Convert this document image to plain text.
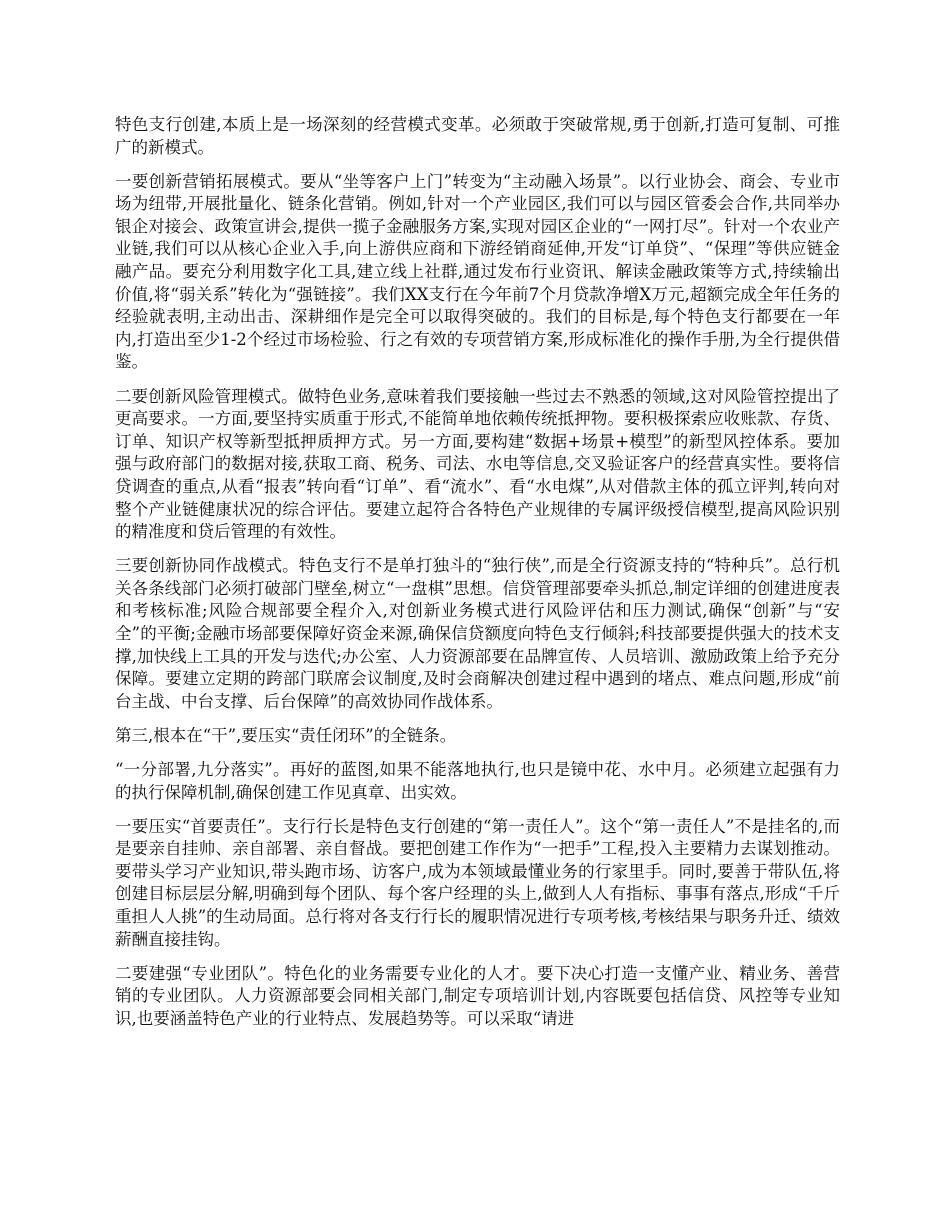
特色支行创建,本质上是一场深刻的经营模式变革。必须敢于突破常规,勇于创新,打造可复制、可推广的新模式。

一要创新营销拓展模式。要从“坐等客户上门”转变为“主动融入场景”。以行业协会、商会、专业市场为纽带,开展批量化、链条化营销。例如,针对一个产业园区,我们可以与园区管委会合作,共同举办银企对接会、政策宣讲会,提供一揽子金融服务方案,实现对园区企业的“一网打尽”。针对一个农业产业链,我们可以从核心企业入手,向上游供应商和下游经销商延伸,开发“订单贷”、“保理”等供应链金融产品。要充分利用数字化工具,建立线上社群,通过发布行业资讯、解读金融政策等方式,持续输出价值,将“弱关系”转化为“强链接”。我们XX支行在今年前7个月贷款净增X万元,超额完成全年任务的经验就表明,主动出击、深耕细作是完全可以取得突破的。我们的目标是,每个特色支行都要在一年内,打造出至少1-2个经过市场检验、行之有效的专项营销方案,形成标准化的操作手册,为全行提供借鉴。

二要创新风险管理模式。做特色业务,意味着我们要接触一些过去不熟悉的领域,这对风险管控提出了更高要求。一方面,要坚持实质重于形式,不能简单地依赖传统抵押物。要积极探索应收账款、存货、订单、知识产权等新型抵押质押方式。另一方面,要构建“数据+场景+模型”的新型风控体系。要加强与政府部门的数据对接,获取工商、税务、司法、水电等信息,交叉验证客户的经营真实性。要将信贷调查的重点,从看“报表”转向看“订单”、看“流水”、看“水电煤”,从对借款主体的孤立评判,转向对整个产业链健康状况的综合评估。要建立起符合各特色产业规律的专属评级授信模型,提高风险识别的精准度和贷后管理的有效性。

三要创新协同作战模式。特色支行不是单打独斗的“独行侠”,而是全行资源支持的“特种兵”。总行机关各条线部门必须打破部门壁垒,树立“一盘棋”思想。信贷管理部要牵头抓总,制定详细的创建进度表和考核标准;风险合规部要全程介入,对创新业务模式进行风险评估和压力测试,确保“创新”与“安全”的平衡;金融市场部要保障好资金来源,确保信贷额度向特色支行倾斜;科技部要提供强大的技术支撑,加快线上工具的开发与迭代;办公室、人力资源部要在品牌宣传、人员培训、激励政策上给予充分保障。要建立定期的跨部门联席会议制度,及时会商解决创建过程中遇到的堵点、难点问题,形成“前台主战、中台支撑、后台保障”的高效协同作战体系。

第三,根本在“干”,要压实“责任闭环”的全链条。

“一分部署,九分落实”。再好的蓝图,如果不能落地执行,也只是镜中花、水中月。必须建立起强有力的执行保障机制,确保创建工作见真章、出实效。

一要压实“首要责任”。支行行长是特色支行创建的“第一责任人”。这个“第一责任人”不是挂名的,而是要亲自挂帅、亲自部署、亲自督战。要把创建工作作为“一把手”工程,投入主要精力去谋划推动。要带头学习产业知识,带头跑市场、访客户,成为本领域最懂业务的行家里手。同时,要善于带队伍,将创建目标层层分解,明确到每个团队、每个客户经理的头上,做到人人有指标、事事有落点,形成“千斤重担人人挑”的生动局面。总行将对各支行行长的履职情况进行专项考核,考核结果与职务升迁、绩效薪酬直接挂钩。

二要建强“专业团队”。特色化的业务需要专业化的人才。要下决心打造一支懂产业、精业务、善营销的专业团队。人力资源部要会同相关部门,制定专项培训计划,内容既要包括信贷、风控等专业知识,也要涵盖特色产业的行业特点、发展趋势等。可以采取“请进
